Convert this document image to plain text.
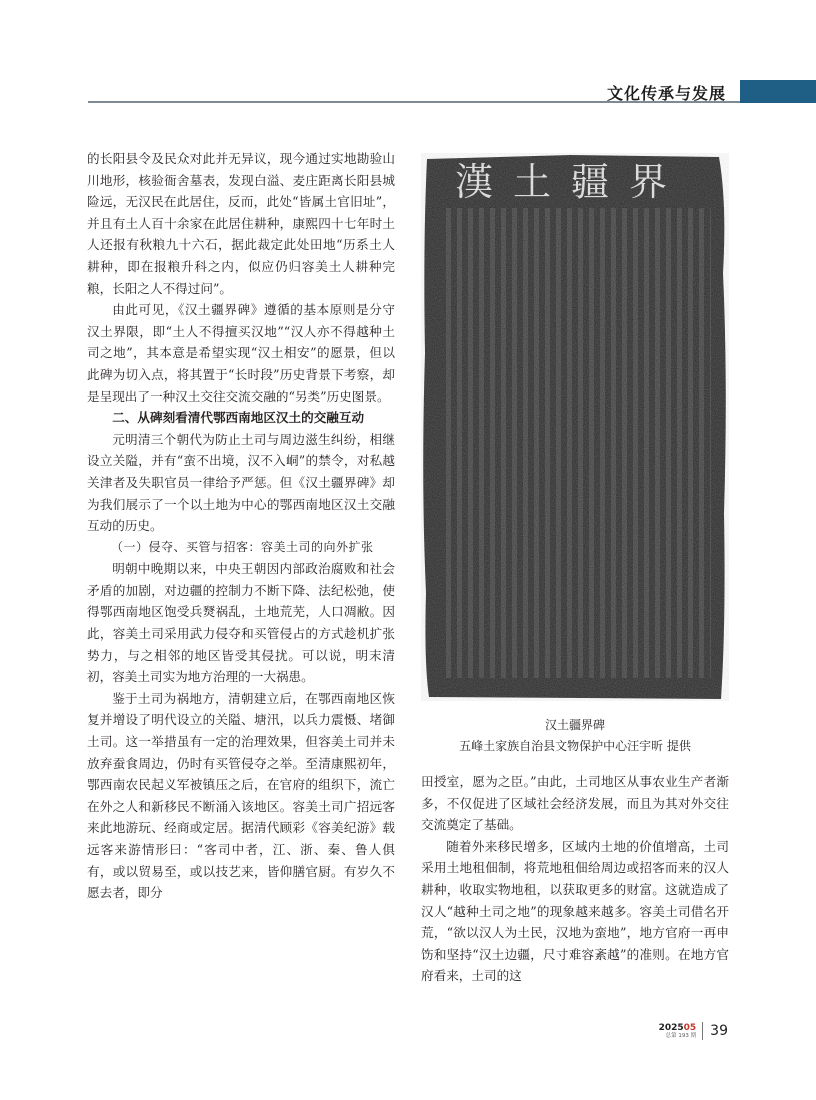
文化传承与发展

的长阳县令及民众对此并无异议，现今通过实地勘验山川地形，核验衙舍墓表，发现白溢、麦庄距离长阳县城险远，无汉民在此居住，反而，此处“皆属土官旧址”，并且有土人百十余家在此居住耕种，康熙四十七年时土人还报有秋粮九十六石，据此裁定此处田地“历系土人耕种，即在报粮升科之内，似应仍归容美土人耕种完粮，长阳之人不得过问”。

由此可见，《汉土疆界碑》遵循的基本原则是分守汉土界限，即“土人不得擅买汉地”“汉人亦不得越种土司之地”，其本意是希望实现“汉土相安”的愿景，但以此碑为切入点，将其置于“长时段”历史背景下考察，却是呈现出了一种汉土交往交流交融的“另类”历史图景。

二、从碑刻看清代鄂西南地区汉土的交融互动

元明清三个朝代为防止土司与周边滋生纠纷，相继设立关隘，并有“蛮不出境，汉不入峒”的禁令，对私越关津者及失职官员一律给予严惩。但《汉土疆界碑》却为我们展示了一个以土地为中心的鄂西南地区汉土交融互动的历史。

（一）侵夺、买管与招客：容美土司的向外扩张

明朝中晚期以来，中央王朝因内部政治腐败和社会矛盾的加剧，对边疆的控制力不断下降、法纪松弛，使得鄂西南地区饱受兵燹祸乱，土地荒芜，人口凋敝。因此，容美土司采用武力侵夺和买管侵占的方式趁机扩张势力，与之相邻的地区皆受其侵扰。可以说，明末清初，容美土司实为地方治理的一大祸患。

鉴于土司为祸地方，清朝建立后，在鄂西南地区恢复并增设了明代设立的关隘、塘汛，以兵力震慑、堵御土司。这一举措虽有一定的治理效果，但容美土司并未放弃蚕食周边，仍时有买管侵夺之举。至清康熙初年，鄂西南农民起义军被镇压之后，在官府的组织下，流亡在外之人和新移民不断涌入该地区。容美土司广招远客来此地游玩、经商或定居。据清代顾彩《容美纪游》载远客来游情形曰：“客司中者，江、浙、秦、鲁人俱有，或以贸易至，或以技艺来，皆仰膳官厨。有岁久不愿去者，即分

漢土疆界
汉土疆界碑
五峰土家族自治县文物保护中心汪宇昕 提供

田授室，愿为之臣。”由此，土司地区从事农业生产者渐多，不仅促进了区域社会经济发展，而且为其对外交往交流奠定了基础。

随着外来移民增多，区域内土地的价值增高，土司采用土地租佃制，将荒地租佃给周边或招客而来的汉人耕种，收取实物地租，以获取更多的财富。这就造成了汉人“越种土司之地”的现象越来越多。容美土司借名开荒，“欲以汉人为土民，汉地为蛮地”，地方官府一再申饬和坚持“汉土边疆，尺寸难容紊越”的准则。在地方官府看来，土司的这

202505
总第 193 期 39
